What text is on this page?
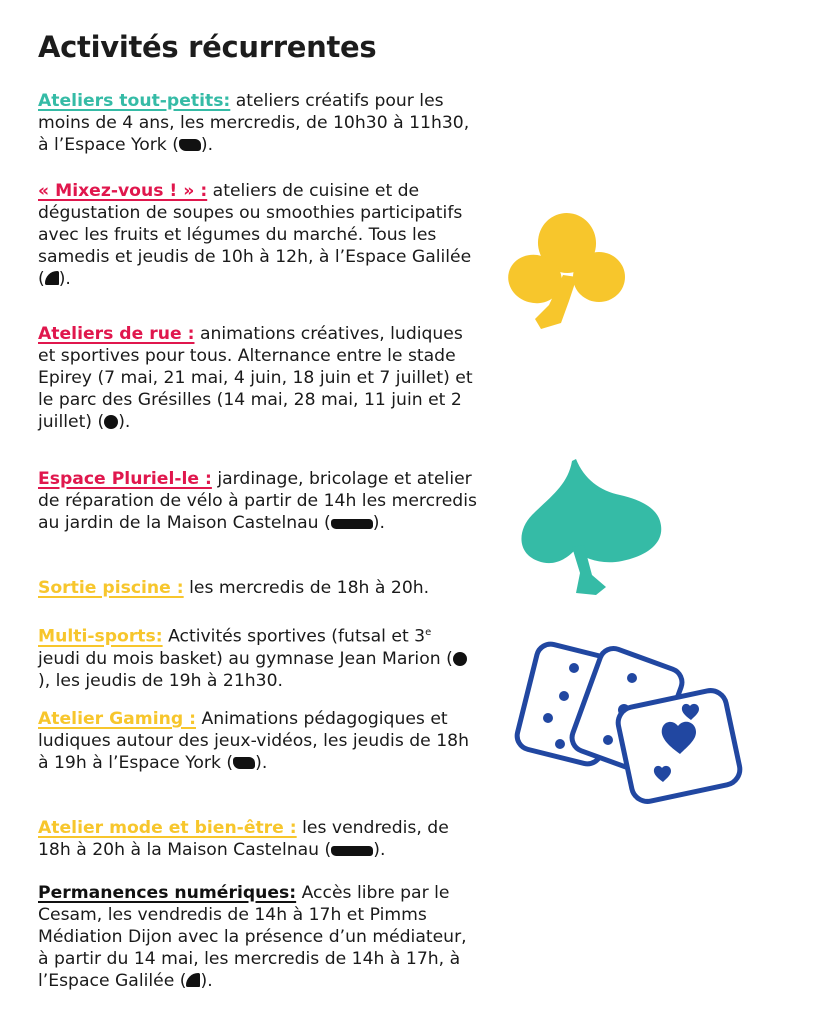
Activités récurrentes

Ateliers tout-petits: ateliers créatifs pour les moins de 4 ans, les mercredis, de 10h30 à 11h30, à l’Espace York ( ).

« Mixez-vous ! » : ateliers de cuisine et de dégustation de soupes ou smoothies participatifs avec les fruits et légumes du marché. Tous les samedis et jeudis de 10h à 12h, à l’Espace Galilée ( ).

Ateliers de rue : animations créatives, ludiques et sportives pour tous. Alternance entre le stade Epirey (7 mai, 21 mai, 4 juin, 18 juin et 7 juillet) et le parc des Grésilles (14 mai, 28 mai, 11 juin et 2 juillet) ( ).

Espace Pluriel-le : jardinage, bricolage et atelier de réparation de vélo à partir de 14h les mercredis au jardin de la Maison Castelnau ( ).

Sortie piscine : les mercredis de 18h à 20h.

Multi-sports: Activités sportives (futsal et 3e jeudi du mois basket) au gymnase Jean Marion (), les jeudis de 19h à 21h30.

Atelier Gaming : Animations pédagogiques et ludiques autour des jeux-vidéos, les jeudis de 18h à 19h à l’Espace York ( ).

Atelier mode et bien-être : les vendredis, de 18h à 20h à la Maison Castelnau ( ).

Permanences numériques: Accès libre par le Cesam, les vendredis de 14h à 17h et Pimms Médiation Dijon avec la présence d’un médiateur, à partir du 14 mai, les mercredis de 14h à 17h, à l’Espace Galilée ( ).
